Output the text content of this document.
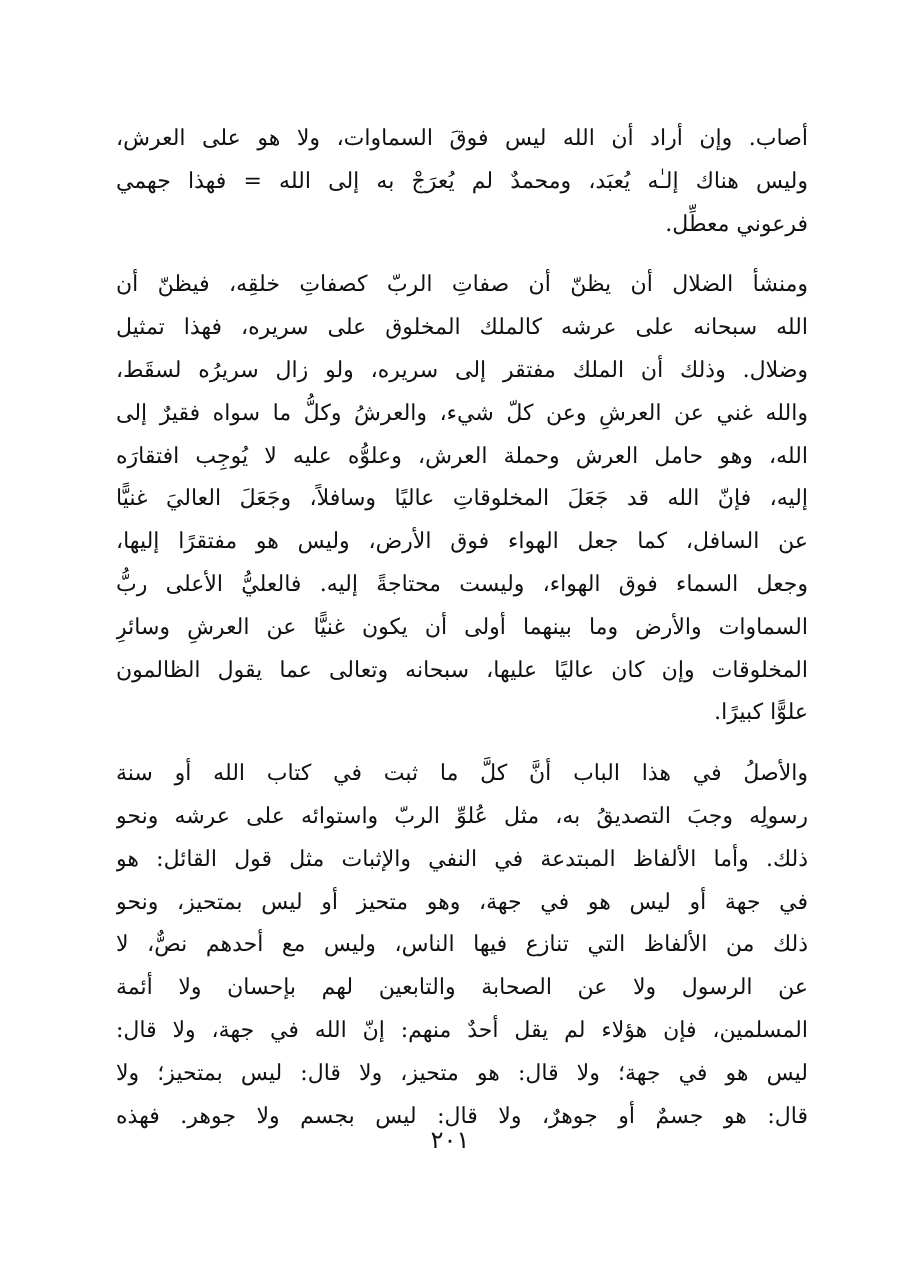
أصاب. وإن أراد أن الله ليس فوقَ السماوات، ولا هو على العرش،
وليس هناك إلـٰه يُعبَد، ومحمدٌ لم يُعرَجْ به إلى الله = فهذا جهمي
فرعوني معطِّل.
ومنشأ الضلال أن يظنّ أن صفاتِ الربّ كصفاتِ خلقِه، فيظنّ أن
الله سبحانه على عرشه كالملك المخلوق على سريره، فهذا تمثيل
وضلال. وذلك أن الملك مفتقر إلى سريره، ولو زال سريرُه لسقَط،
والله غني عن العرشِ وعن كلّ شيء، والعرشُ وكلُّ ما سواه فقيرٌ إلى
الله، وهو حامل العرش وحملة العرش، وعلوُّه عليه لا يُوجِب افتقارَه
إليه، فإنّ الله قد جَعَلَ المخلوقاتِ عاليًا وسافلاً، وجَعَلَ العاليَ غنيًّا
عن السافل، كما جعل الهواء فوق الأرض، وليس هو مفتقرًا إليها،
وجعل السماء فوق الهواء، وليست محتاجةً إليه. فالعليُّ الأعلى ربُّ
السماوات والأرض وما بينهما أولى أن يكون غنيًّا عن العرشِ وسائرِ
المخلوقات وإن كان عاليًا عليها، سبحانه وتعالى عما يقول الظالمون
علوًّا كبيرًا.
والأصلُ في هذا الباب أنَّ كلَّ ما ثبت في كتاب الله أو سنة
رسولِه وجبَ التصديقُ به، مثل عُلوِّ الربّ واستوائه على عرشه ونحو
ذلك. وأما الألفاظ المبتدعة في النفي والإثبات مثل قول القائل: هو
في جهة أو ليس هو في جهة، وهو متحيز أو ليس بمتحيز، ونحو
ذلك من الألفاظ التي تنازع فيها الناس، وليس مع أحدهم نصٌّ، لا
عن الرسول ولا عن الصحابة والتابعين لهم بإحسان ولا أئمة
المسلمين، فإن هؤلاء لم يقل أحدٌ منهم: إنّ الله في جهة، ولا قال:
ليس هو في جهة؛ ولا قال: هو متحيز، ولا قال: ليس بمتحيز؛ ولا
قال: هو جسمٌ أو جوهرٌ، ولا قال: ليس بجسم ولا جوهر. فهذه
٢٠١
